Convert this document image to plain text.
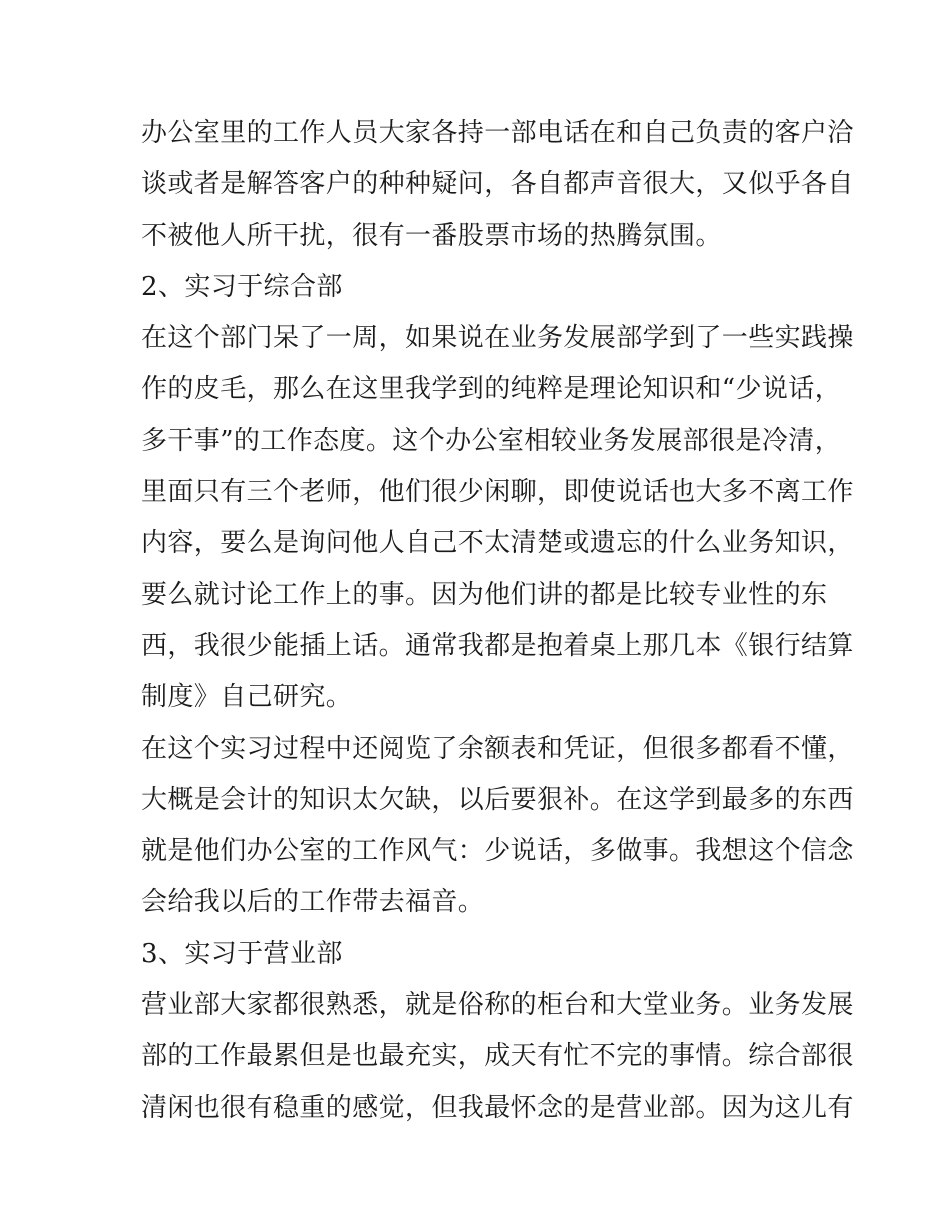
办公室里的工作人员大家各持一部电话在和自己负责的客户洽
谈或者是解答客户的种种疑问，各自都声音很大，又似乎各自
不被他人所干扰，很有一番股票市场的热腾氛围。
2、实习于综合部
在这个部门呆了一周，如果说在业务发展部学到了一些实践操
作的皮毛，那么在这里我学到的纯粹是理论知识和“少说话，
多干事”的工作态度。这个办公室相较业务发展部很是冷清，
里面只有三个老师，他们很少闲聊，即使说话也大多不离工作
内容，要么是询问他人自己不太清楚或遗忘的什么业务知识，
要么就讨论工作上的事。因为他们讲的都是比较专业性的东
西，我很少能插上话。通常我都是抱着桌上那几本《银行结算
制度》自己研究。
在这个实习过程中还阅览了余额表和凭证，但很多都看不懂，
大概是会计的知识太欠缺，以后要狠补。在这学到最多的东西
就是他们办公室的工作风气：少说话，多做事。我想这个信念
会给我以后的工作带去福音。
3、实习于营业部
营业部大家都很熟悉，就是俗称的柜台和大堂业务。业务发展
部的工作最累但是也最充实，成天有忙不完的事情。综合部很
清闲也很有稳重的感觉，但我最怀念的是营业部。因为这儿有
